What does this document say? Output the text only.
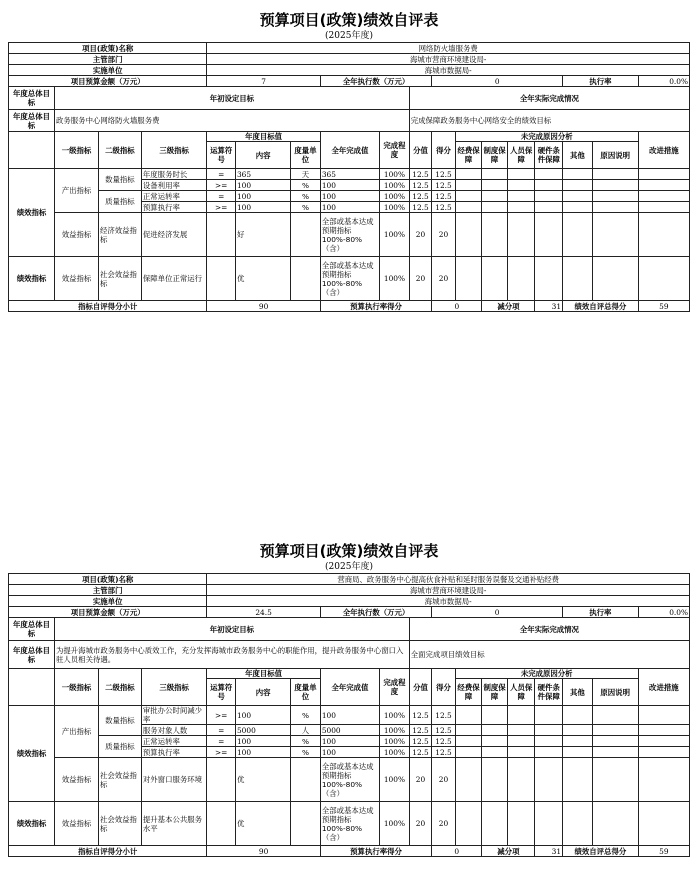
预算项目(政策)绩效自评表
(2025年度)
项目(政策)名称				网络防火墙服务费													
主管部门				海城市营商环境建设局-													
实施单位				海城市数据局-													
项目预算金额（万元）				7			全年执行数（万元）			0					执行率		0.0%
年度总体目标	年初设定目标								全年实际完成情况								
年度总体目标	政务服务中心网络防火墙服务费								完成保障政务服务中心网络安全的绩效目标								
	一级指标	二级指标	三级指标	年度目标值			全年完成值	完成程度	分值	得分	未完成原因分析						改进措施
				运算符号	内容	度量单位					经费保障	制度保障	人员保障	硬件条件保障	其他	原因说明	
绩效指标	产出指标	数量指标	年度服务时长	=	365	天	365	100%	12.5	12.5							
			设备利用率	>=	100	%	100	100%	12.5	12.5							
		质量指标	正常运转率	=	100	%	100	100%	12.5	12.5							
			预算执行率	>=	100	%	100	100%	12.5	12.5							
	效益指标	经济效益指标	促进经济发展		好		全部或基本达成预期指标100%-80%（含）	100%	20	20							
绩效指标	效益指标	社会效益指标	保障单位正常运行		优		全部或基本达成预期指标100%-80%（含）	100%	20	20							
指标自评得分小计				90			预算执行率得分			0		减分项		31	绩效自评总得分		59
预算项目(政策)绩效自评表
(2025年度)
项目(政策)名称				营商局、政务服务中心提高伙食补贴和延时服务误餐及交通补贴经费													
主管部门				海城市营商环境建设局-													
实施单位				海城市数据局-													
项目预算金额（万元）				24.5			全年执行数（万元）			0					执行率		0.0%
年度总体目标	年初设定目标								全年实际完成情况								
年度总体目标	为提升海城市政务服务中心质效工作，充分发挥海城市政务服务中心的职能作用，提升政务服务中心窗口入驻人员相关待遇。								全面完成项目绩效目标								
	一级指标	二级指标	三级指标	年度目标值			全年完成值	完成程度	分值	得分	未完成原因分析						改进措施
				运算符号	内容	度量单位					经费保障	制度保障	人员保障	硬件条件保障	其他	原因说明	
绩效指标	产出指标	数量指标	审批办公时间减少率	>=	100	%	100	100%	12.5	12.5							
			服务对象人数	=	5000	人	5000	100%	12.5	12.5							
		质量指标	正常运转率	=	100	%	100	100%	12.5	12.5							
			预算执行率	>=	100	%	100	100%	12.5	12.5							
	效益指标	社会效益指标	对外窗口服务环境		优		全部或基本达成预期指标100%-80%（含）	100%	20	20							
绩效指标	效益指标	社会效益指标	提升基本公共服务水平		优		全部或基本达成预期指标100%-80%（含）	100%	20	20							
指标自评得分小计				90			预算执行率得分			0		减分项		31	绩效自评总得分		59
